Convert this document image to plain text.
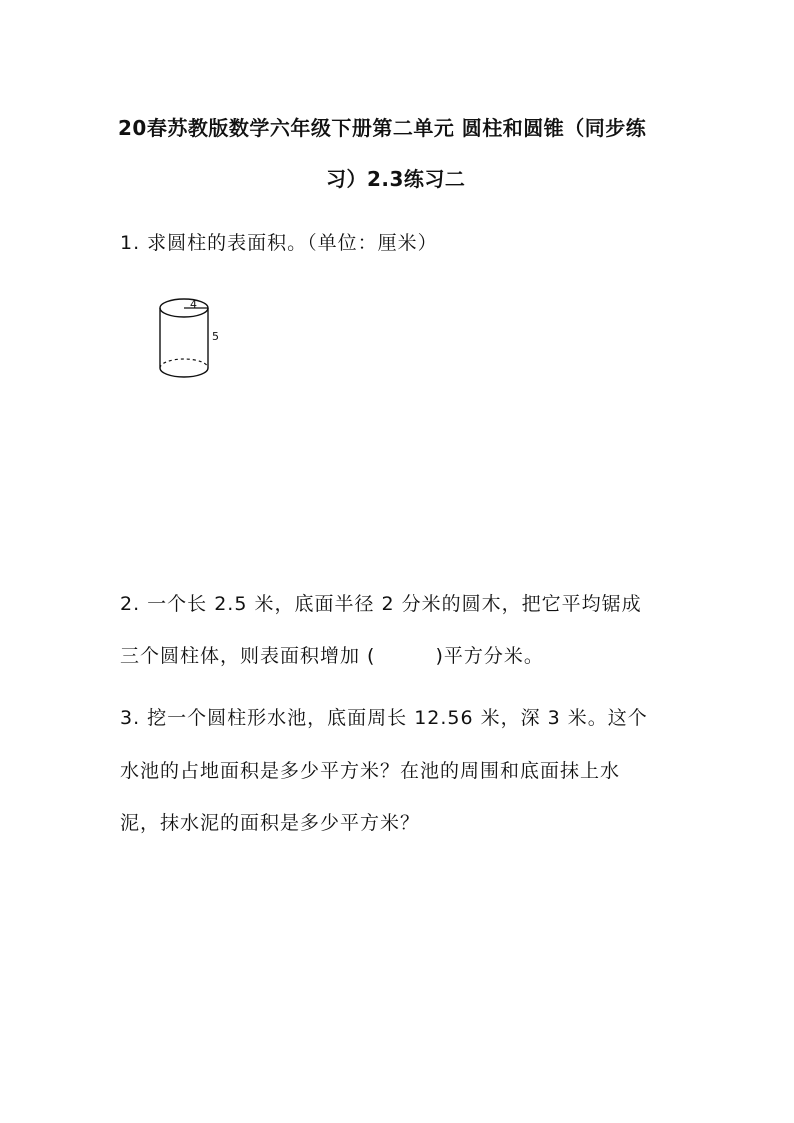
20春苏教版数学六年级下册第二单元 圆柱和圆锥（同步练
习）2.3练习二
1. 求圆柱的表面积。（单位：厘米）
4
5
2. 一个长 2.5 米，底面半径 2 分米的圆木，把它平均锯成
三个圆柱体，则表面积增加 (	)平方分米。
3. 挖一个圆柱形水池，底面周长 12.56 米，深 3 米。这个
水池的占地面积是多少平方米？在池的周围和底面抹上水
泥，抹水泥的面积是多少平方米？
